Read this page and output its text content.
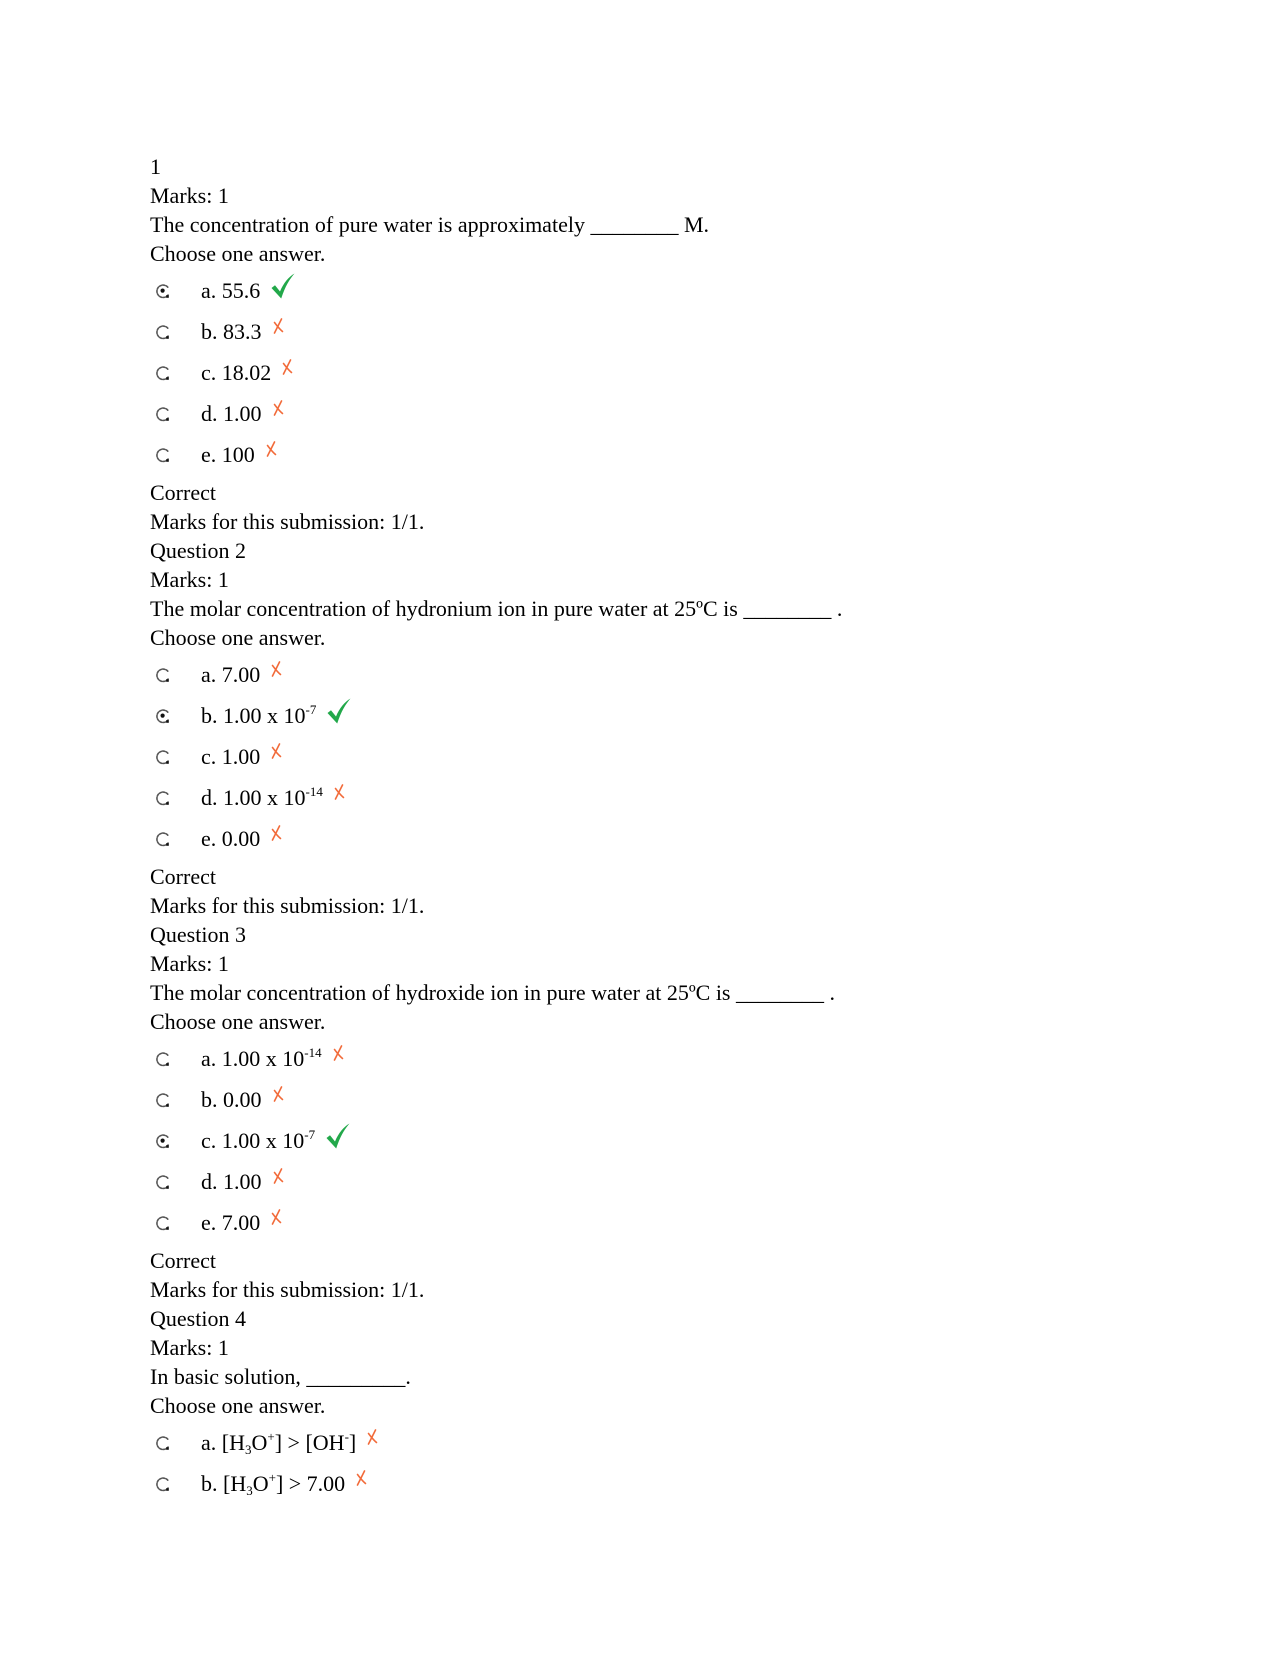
1
Marks: 1
The concentration of pure water is approximately ________ M.
Choose one answer.
a. 55.6
b. 83.3
c. 18.02
d. 1.00
e. 100
Correct
Marks for this submission: 1/1.
Question 2
Marks: 1
The molar concentration of hydronium ion in pure water at 25ºC is ________ .
Choose one answer.
a. 7.00
b. 1.00 x $10^{-7}$
c. 1.00
d. 1.00 x $10^{-14}$
e. 0.00
Correct
Marks for this submission: 1/1.
Question 3
Marks: 1
The molar concentration of hydroxide ion in pure water at 25ºC is ________ .
Choose one answer.
a. 1.00 x $10^{-14}$
b. 0.00
c. 1.00 x $10^{-7}$
d. 1.00
e. 7.00
Correct
Marks for this submission: 1/1.
Question 4
Marks: 1
In basic solution, _________.
Choose one answer.
a. $[H_3O^+] > [OH^-]$
b. $[H_3O^+] > 7.00$
